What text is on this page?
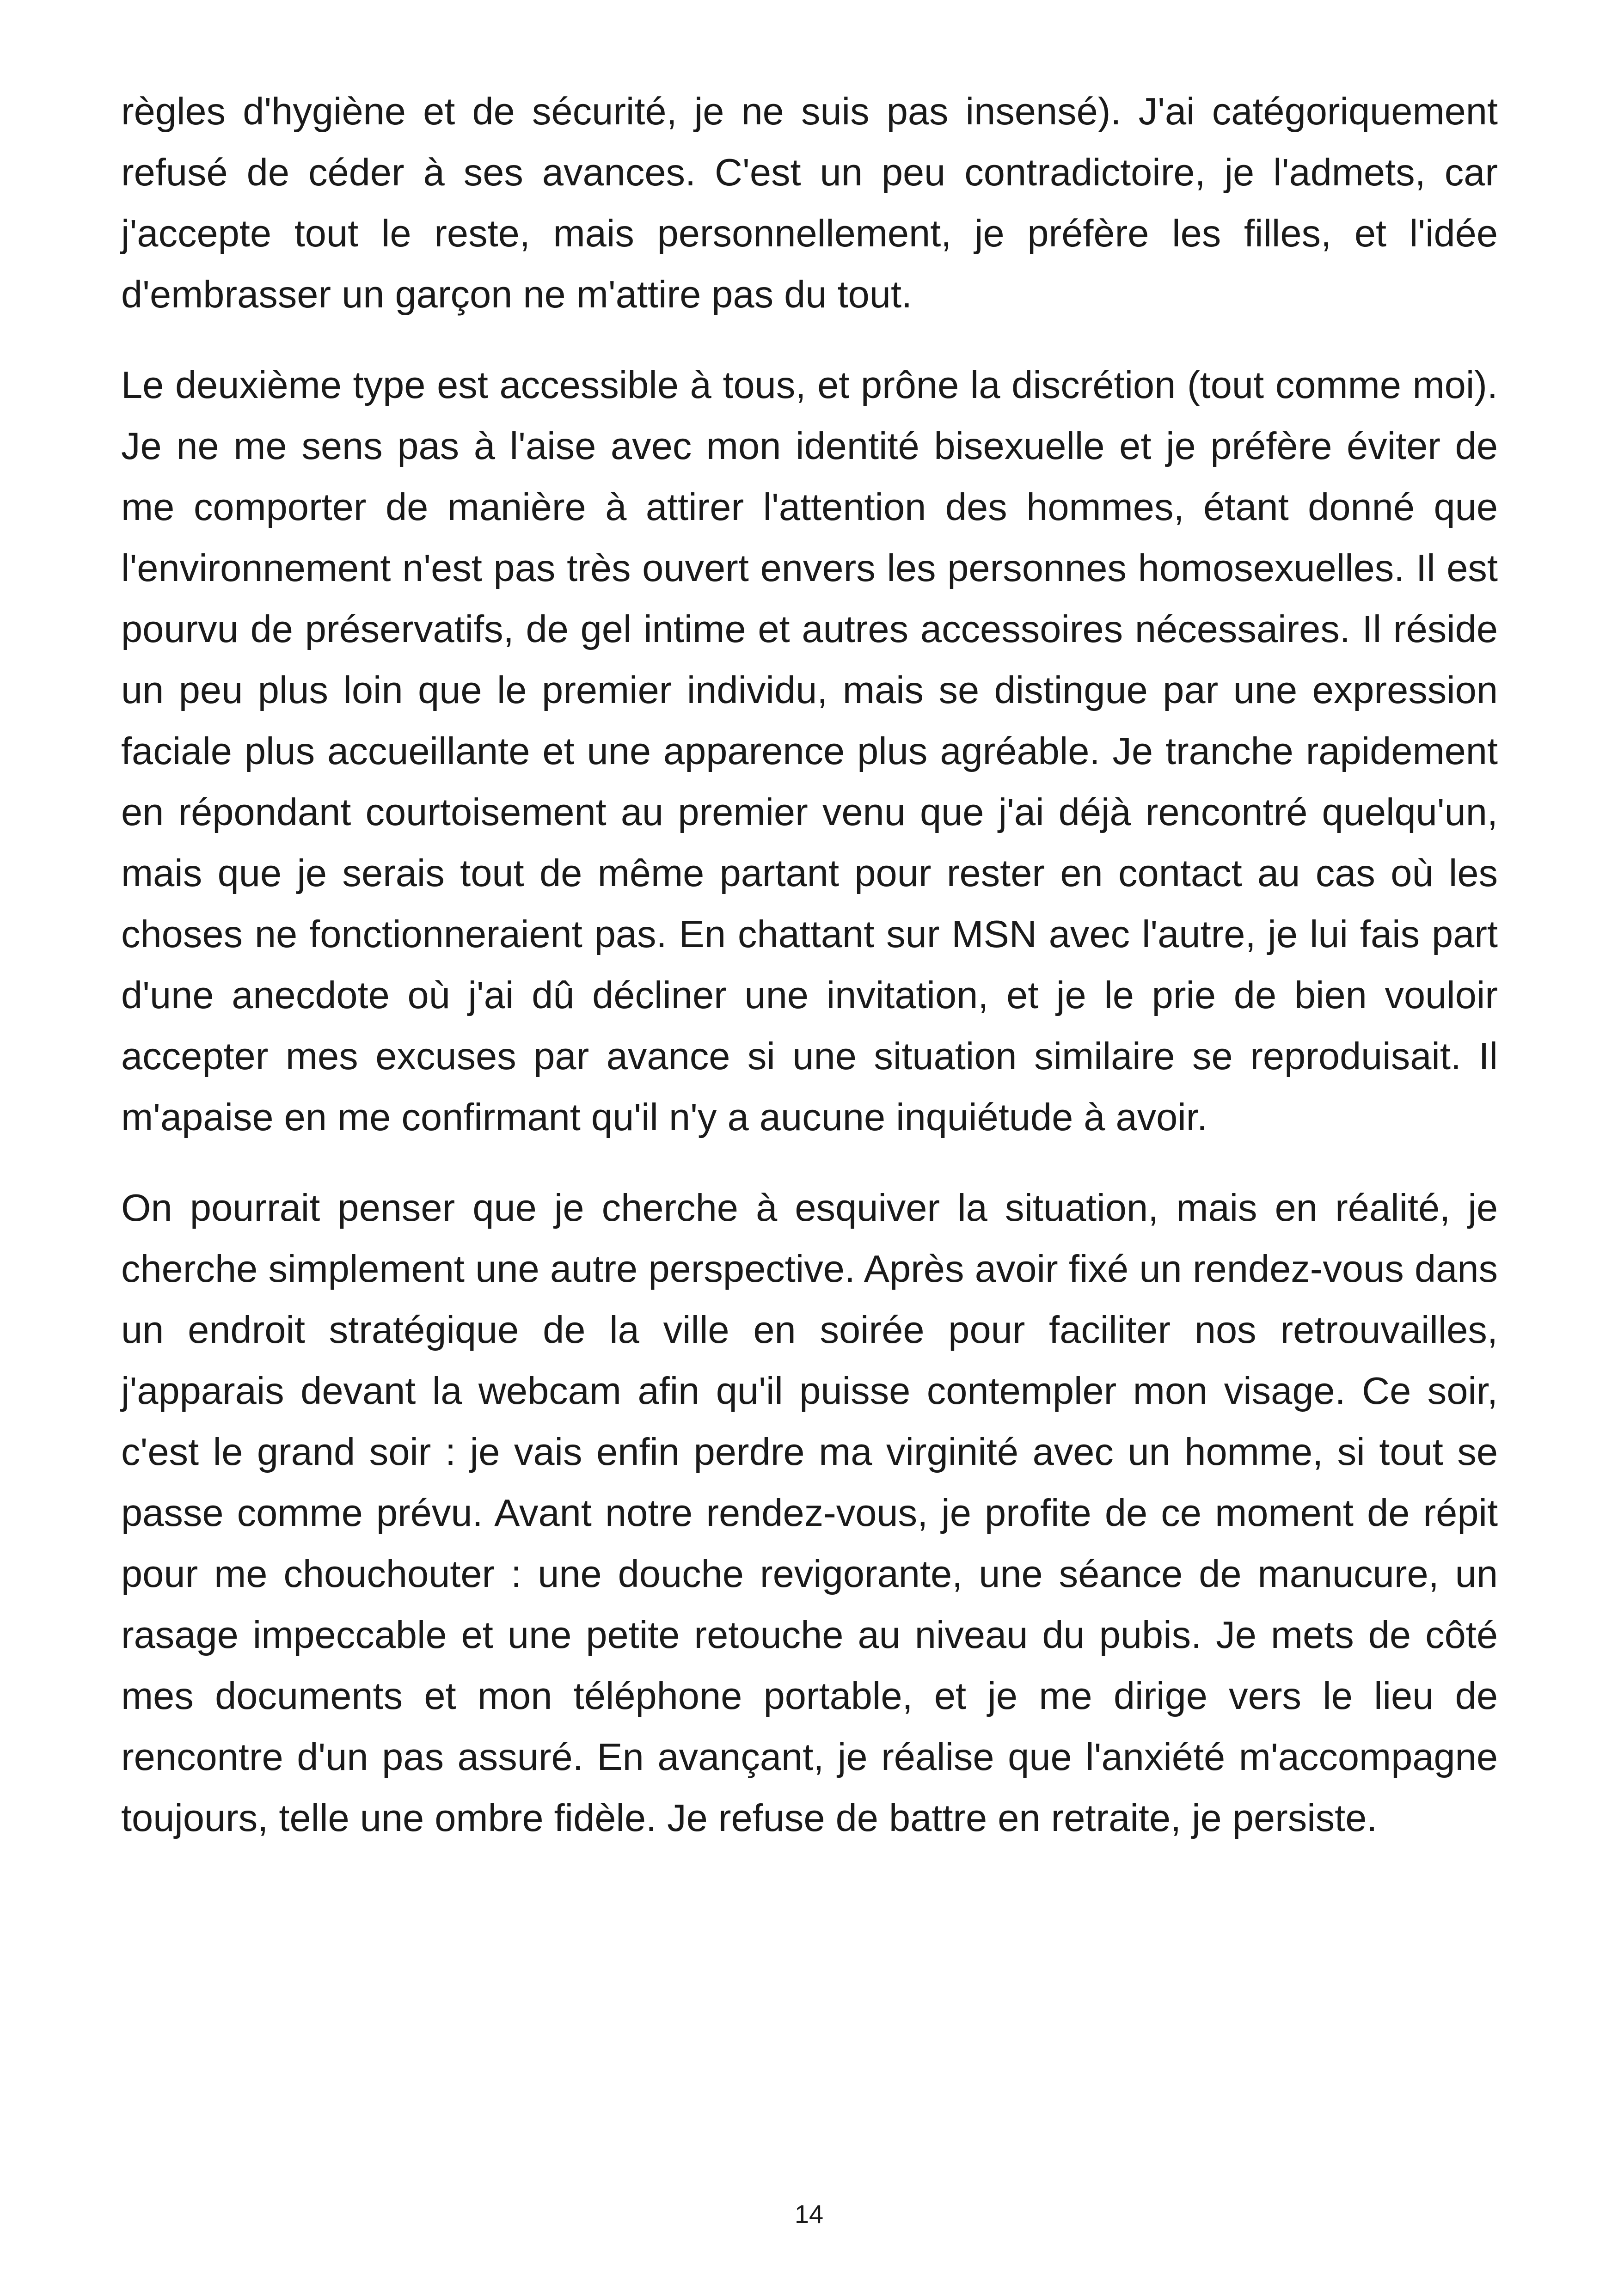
règles d'hygiène et de sécurité, je ne suis pas insensé). J'ai catégoriquement refusé de céder à ses avances. C'est un peu contradictoire, je l'admets, car j'accepte tout le reste, mais personnellement, je préfère les filles, et l'idée d'embrasser un garçon ne m'attire pas du tout.

Le deuxième type est accessible à tous, et prône la discrétion (tout comme moi). Je ne me sens pas à l'aise avec mon identité bisexuelle et je préfère éviter de me comporter de manière à attirer l'attention des hommes, étant donné que l'environnement n'est pas très ouvert envers les personnes homosexuelles. Il est pourvu de préservatifs, de gel intime et autres accessoires nécessaires. Il réside un peu plus loin que le premier individu, mais se distingue par une expression faciale plus accueillante et une apparence plus agréable. Je tranche rapidement en répondant courtoisement au premier venu que j'ai déjà rencontré quelqu'un, mais que je serais tout de même partant pour rester en contact au cas où les choses ne fonctionneraient pas. En chattant sur MSN avec l'autre, je lui fais part d'une anecdote où j'ai dû décliner une invitation, et je le prie de bien vouloir accepter mes excuses par avance si une situation similaire se reproduisait. Il m'apaise en me confirmant qu'il n'y a aucune inquiétude à avoir.

On pourrait penser que je cherche à esquiver la situation, mais en réalité, je cherche simplement une autre perspective. Après avoir fixé un rendez-vous dans un endroit stratégique de la ville en soirée pour faciliter nos retrouvailles, j'apparais devant la webcam afin qu'il puisse contempler mon visage. Ce soir, c'est le grand soir : je vais enfin perdre ma virginité avec un homme, si tout se passe comme prévu. Avant notre rendez-vous, je profite de ce moment de répit pour me chouchouter : une douche revigorante, une séance de manucure, un rasage impeccable et une petite retouche au niveau du pubis. Je mets de côté mes documents et mon téléphone portable, et je me dirige vers le lieu de rencontre d'un pas assuré. En avançant, je réalise que l'anxiété m'accompagne toujours, telle une ombre fidèle. Je refuse de battre en retraite, je persiste.

14
